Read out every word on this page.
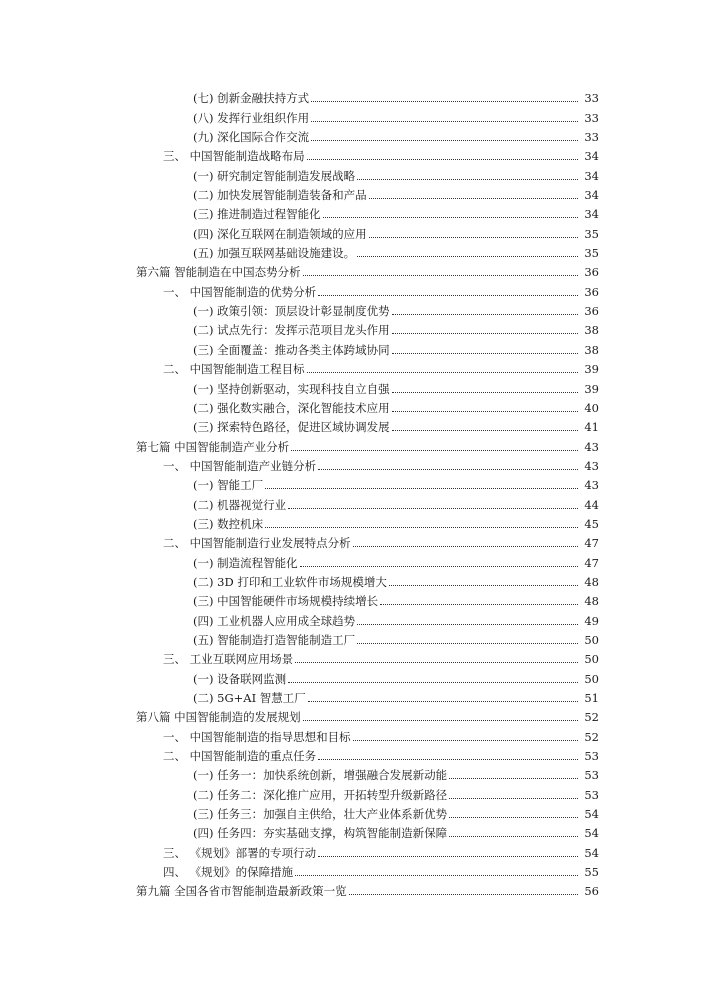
(七) 创新金融扶持方式	33
(八) 发挥行业组织作用	33
(九) 深化国际合作交流	33
三、 中国智能制造战略布局	34
(一) 研究制定智能制造发展战略	34
(二) 加快发展智能制造装备和产品	34
(三) 推进制造过程智能化	34
(四) 深化互联网在制造领域的应用	35
(五) 加强互联网基础设施建设。	35
第六篇 智能制造在中国态势分析	36
一、 中国智能制造的优势分析	36
(一) 政策引领：顶层设计彰显制度优势	36
(二) 试点先行：发挥示范项目龙头作用	38
(三) 全面覆盖：推动各类主体跨域协同	38
二、 中国智能制造工程目标	39
(一) 坚持创新驱动，实现科技自立自强	39
(二) 强化数实融合，深化智能技术应用	40
(三) 探索特色路径，促进区域协调发展	41
第七篇 中国智能制造产业分析	43
一、 中国智能制造产业链分析	43
(一) 智能工厂	43
(二) 机器视觉行业	44
(三) 数控机床	45
二、 中国智能制造行业发展特点分析	47
(一) 制造流程智能化	47
(二) 3D 打印和工业软件市场规模增大	48
(三) 中国智能硬件市场规模持续增长	48
(四) 工业机器人应用成全球趋势	49
(五) 智能制造打造智能制造工厂	50
三、 工业互联网应用场景	50
(一) 设备联网监测	50
(二) 5G+AI 智慧工厂	51
第八篇 中国智能制造的发展规划	52
一、 中国智能制造的指导思想和目标	52
二、 中国智能制造的重点任务	53
(一) 任务一：加快系统创新，增强融合发展新动能	53
(二) 任务二：深化推广应用，开拓转型升级新路径	53
(三) 任务三：加强自主供给，壮大产业体系新优势	54
(四) 任务四：夯实基础支撑，构筑智能制造新保障	54
三、 《规划》部署的专项行动	54
四、 《规划》的保障措施	55
第九篇 全国各省市智能制造最新政策一览	56
